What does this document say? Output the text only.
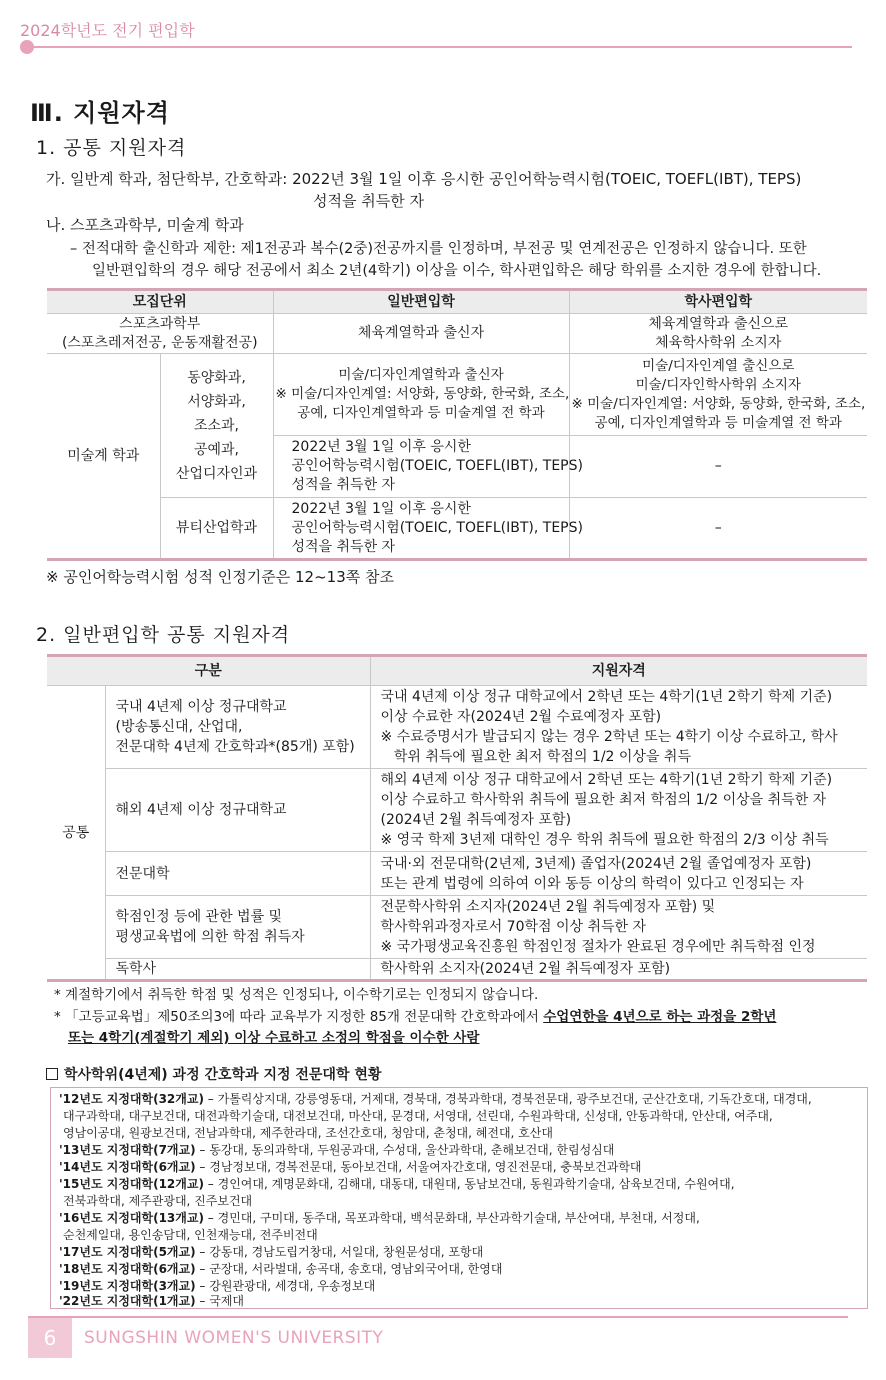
2024학년도 전기 편입학
Ⅲ. 지원자격
1. 공통 지원자격
가. 일반계 학과, 첨단학부, 간호학과: 2022년 3월 1일 이후 응시한 공인어학능력시험(TOEIC, TOEFL(IBT), TEPS)
성적을 취득한 자
나. 스포츠과학부, 미술계 학과
– 전적대학 출신학과 제한: 제1전공과 복수(2중)전공까지를 인정하며, 부전공 및 연계전공은 인정하지 않습니다. 또한
일반편입학의 경우 해당 전공에서 최소 2년(4학기) 이상을 이수, 학사편입학은 해당 학위를 소지한 경우에 한합니다.
모집단위		일반편입학	학사편입학

스포츠과학부
(스포츠레저전공, 운동재활전공)		체육계열학과 출신자	체육계열학과 출신으로
체육학사학위 소지자

미술계 학과	동양화과,
서양화과,
조소과,
공예과,
산업디자인과	미술/디자인계열학과 출신자
※ 미술/디자인계열: 서양화, 동양화, 한국화, 조소,
공예, 디자인계열학과 등 미술계열 전 학과	미술/디자인계열 출신으로
미술/디자인학사학위 소지자
※ 미술/디자인계열: 서양화, 동양화, 한국화, 조소,
공예, 디자인계열학과 등 미술계열 전 학과

		2022년 3월 1일 이후 응시한
공인어학능력시험(TOEIC, TOEFL(IBT), TEPS)
성적을 취득한 자	–
	뷰티산업학과	2022년 3월 1일 이후 응시한
공인어학능력시험(TOEIC, TOEFL(IBT), TEPS)
성적을 취득한 자	–
※ 공인어학능력시험 성적 인정기준은 12~13쪽 참조
2. 일반편입학 공통 지원자격
구분		지원자격
공통	국내 4년제 이상 정규대학교
(방송통신대, 산업대,
전문대학 4년제 간호학과*(85개) 포함)	국내 4년제 이상 정규 대학교에서 2학년 또는 4학기(1년 2학기 학제 기준)
이상 수료한 자(2024년 2월 수료예정자 포함)
※ 수료증명서가 발급되지 않는 경우 2학년 또는 4학기 이상 수료하고, 학사
학위 취득에 필요한 최저 학점의 1/2 이상을 취득

	해외 4년제 이상 정규대학교	해외 4년제 이상 정규 대학교에서 2학년 또는 4학기(1년 2학기 학제 기준)
이상 수료하고 학사학위 취득에 필요한 최저 학점의 1/2 이상을 취득한 자
(2024년 2월 취득예정자 포함)
※ 영국 학제 3년제 대학인 경우 학위 취득에 필요한 학점의 2/3 이상 취득

	전문대학	국내·외 전문대학(2년제, 3년제) 졸업자(2024년 2월 졸업예정자 포함)
또는 관계 법령에 의하여 이와 동등 이상의 학력이 있다고 인정되는 자

	학점인정 등에 관한 법률 및
평생교육법에 의한 학점 취득자	전문학사학위 소지자(2024년 2월 취득예정자 포함) 및
학사학위과정자로서 70학점 이상 취득한 자
※ 국가평생교육진흥원 학점인정 절차가 완료된 경우에만 취득학점 인정

	독학사	학사학위 소지자(2024년 2월 취득예정자 포함)
* 계절학기에서 취득한 학점 및 성적은 인정되나, 이수학기로는 인정되지 않습니다.
* 「고등교육법」제50조의3에 따라 교육부가 지정한 85개 전문대학 간호학과에서 수업연한을 4년으로 하는 과정을 2학년
또는 4학기(계절학기 제외) 이상 수료하고 소정의 학점을 이수한 사람
학사학위(4년제) 과정 간호학과 지정 전문대학 현황
'12년도 지정대학(32개교) – 가톨릭상지대, 강릉영동대, 거제대, 경북대, 경북과학대, 경북전문대, 광주보건대, 군산간호대, 기독간호대, 대경대,
대구과학대, 대구보건대, 대전과학기술대, 대전보건대, 마산대, 문경대, 서영대, 선린대, 수원과학대, 신성대, 안동과학대, 안산대, 여주대,
영남이공대, 원광보건대, 전남과학대, 제주한라대, 조선간호대, 청암대, 춘청대, 혜전대, 호산대
'13년도 지정대학(7개교) – 동강대, 동의과학대, 두원공과대, 수성대, 울산과학대, 춘해보건대, 한림성심대
'14년도 지정대학(6개교) – 경남정보대, 경복전문대, 동아보건대, 서울여자간호대, 영진전문대, 충북보건과학대
'15년도 지정대학(12개교) – 경인여대, 계명문화대, 김해대, 대동대, 대원대, 동남보건대, 동원과학기술대, 삼육보건대, 수원여대,
전북과학대, 제주관광대, 진주보건대
'16년도 지정대학(13개교) – 경민대, 구미대, 동주대, 목포과학대, 백석문화대, 부산과학기술대, 부산여대, 부천대, 서정대,
순천제일대, 용인송담대, 인천재능대, 전주비전대
'17년도 지정대학(5개교) – 강동대, 경남도립거창대, 서일대, 창원문성대, 포항대
'18년도 지정대학(6개교) – 군장대, 서라벌대, 송곡대, 송호대, 영남외국어대, 한영대
'19년도 지정대학(3개교) – 강원관광대, 세경대, 우송정보대
'22년도 지정대학(1개교) – 국제대
6	SUNGSHIN WOMEN'S UNIVERSITY
